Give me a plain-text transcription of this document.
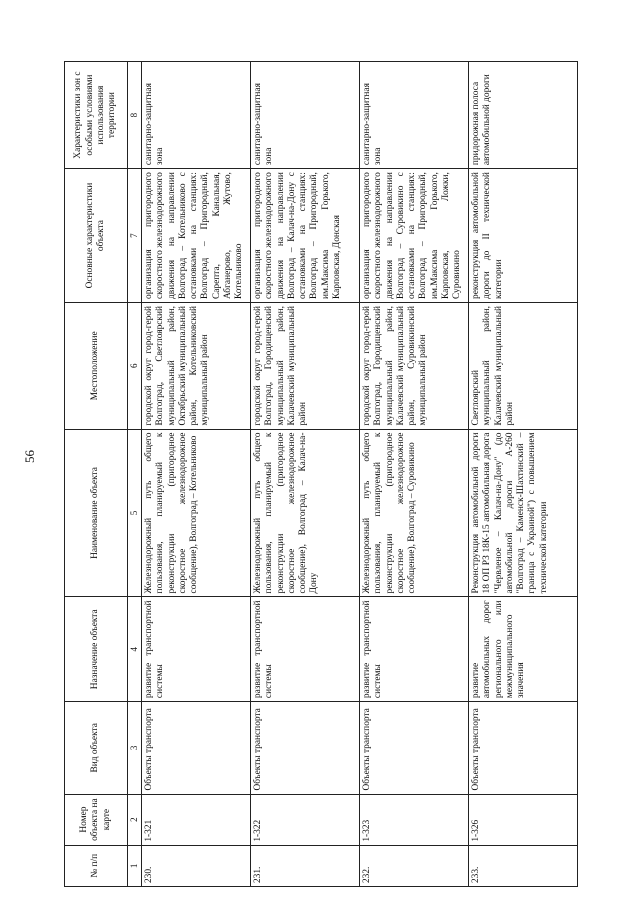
56
№ п/п	Номер объекта на карте	Вид объекта	Назначение объекта	Наименование объекта	Местоположение	Основные характеристики объекта	Характеристики зон с особыми условиями использования территории
1	2	3	4	5	6	7	8
230.	1-321	Объекты транспорта	развитие транспортной системы	Железнодорожный путь общего пользования, планируемый к реконструкции (пригородное скоростное железнодорожное сообщение), Волгоград – Котельниково	городской округ город-герой Волгоград, Светлоярский муниципальный район, Октябрьский муниципальный район, Котельниковский муниципальный район	организация пригородного скоростного железнодорожного движения на направлении Волгоград – Котельниково с остановками на станциях: Волгоград – Пригородный, Сарепта, Канальная, Абганерово, Жутово, Котельниково	санитарно-защитная зона
231.	1-322	Объекты транспорта	развитие транспортной системы	Железнодорожный путь общего пользования, планируемый к реконструкции (пригородное скоростное железнодорожное сообщение), Волгоград – Калач-на-Дону	городской округ город-герой Волгоград, Городищенский муниципальный район, Калачевский муниципальный район	организация пригородного скоростного железнодорожного движения на направлении Волгоград – Калач-на-Дону с остановками на станциях: Волгоград – Пригородный, им.Максима Горького, Карповская, Донская	санитарно-защитная зона
232.	1-323	Объекты транспорта	развитие транспортной системы	Железнодорожный путь общего пользования, планируемый к реконструкции (пригородное скоростное железнодорожное сообщение), Волгоград – Суровикино	городской округ город-герой Волгоград, Городищенский муниципальный район, Калачевский муниципальный район, Суровикинский муниципальный район	организация пригородного скоростного железнодорожного движения на направлении Волгоград – Суровикино с остановками на станциях: Волгоград – Пригородный, им.Максима Горького, Карповская, Ложки, Суровикино	санитарно-защитная зона
233.	1-326	Объекты транспорта	развитие автомобильных дорог регионального или межмуниципального значения	Реконструкция автомобильной дороги 18 ОП РЗ 18К-15 автомобильная дорога "Червленое – Калач-на-Дону" (до автомобильной дороги А-260 "Волгоград – Каменск-Шахтинский – граница с Украиной") с повышением технической категории	Светлоярский муниципальный район, Калачевский муниципальный район	реконструкция автомобильной дороги до II технической категории	придорожная полоса автомобильной дороги
